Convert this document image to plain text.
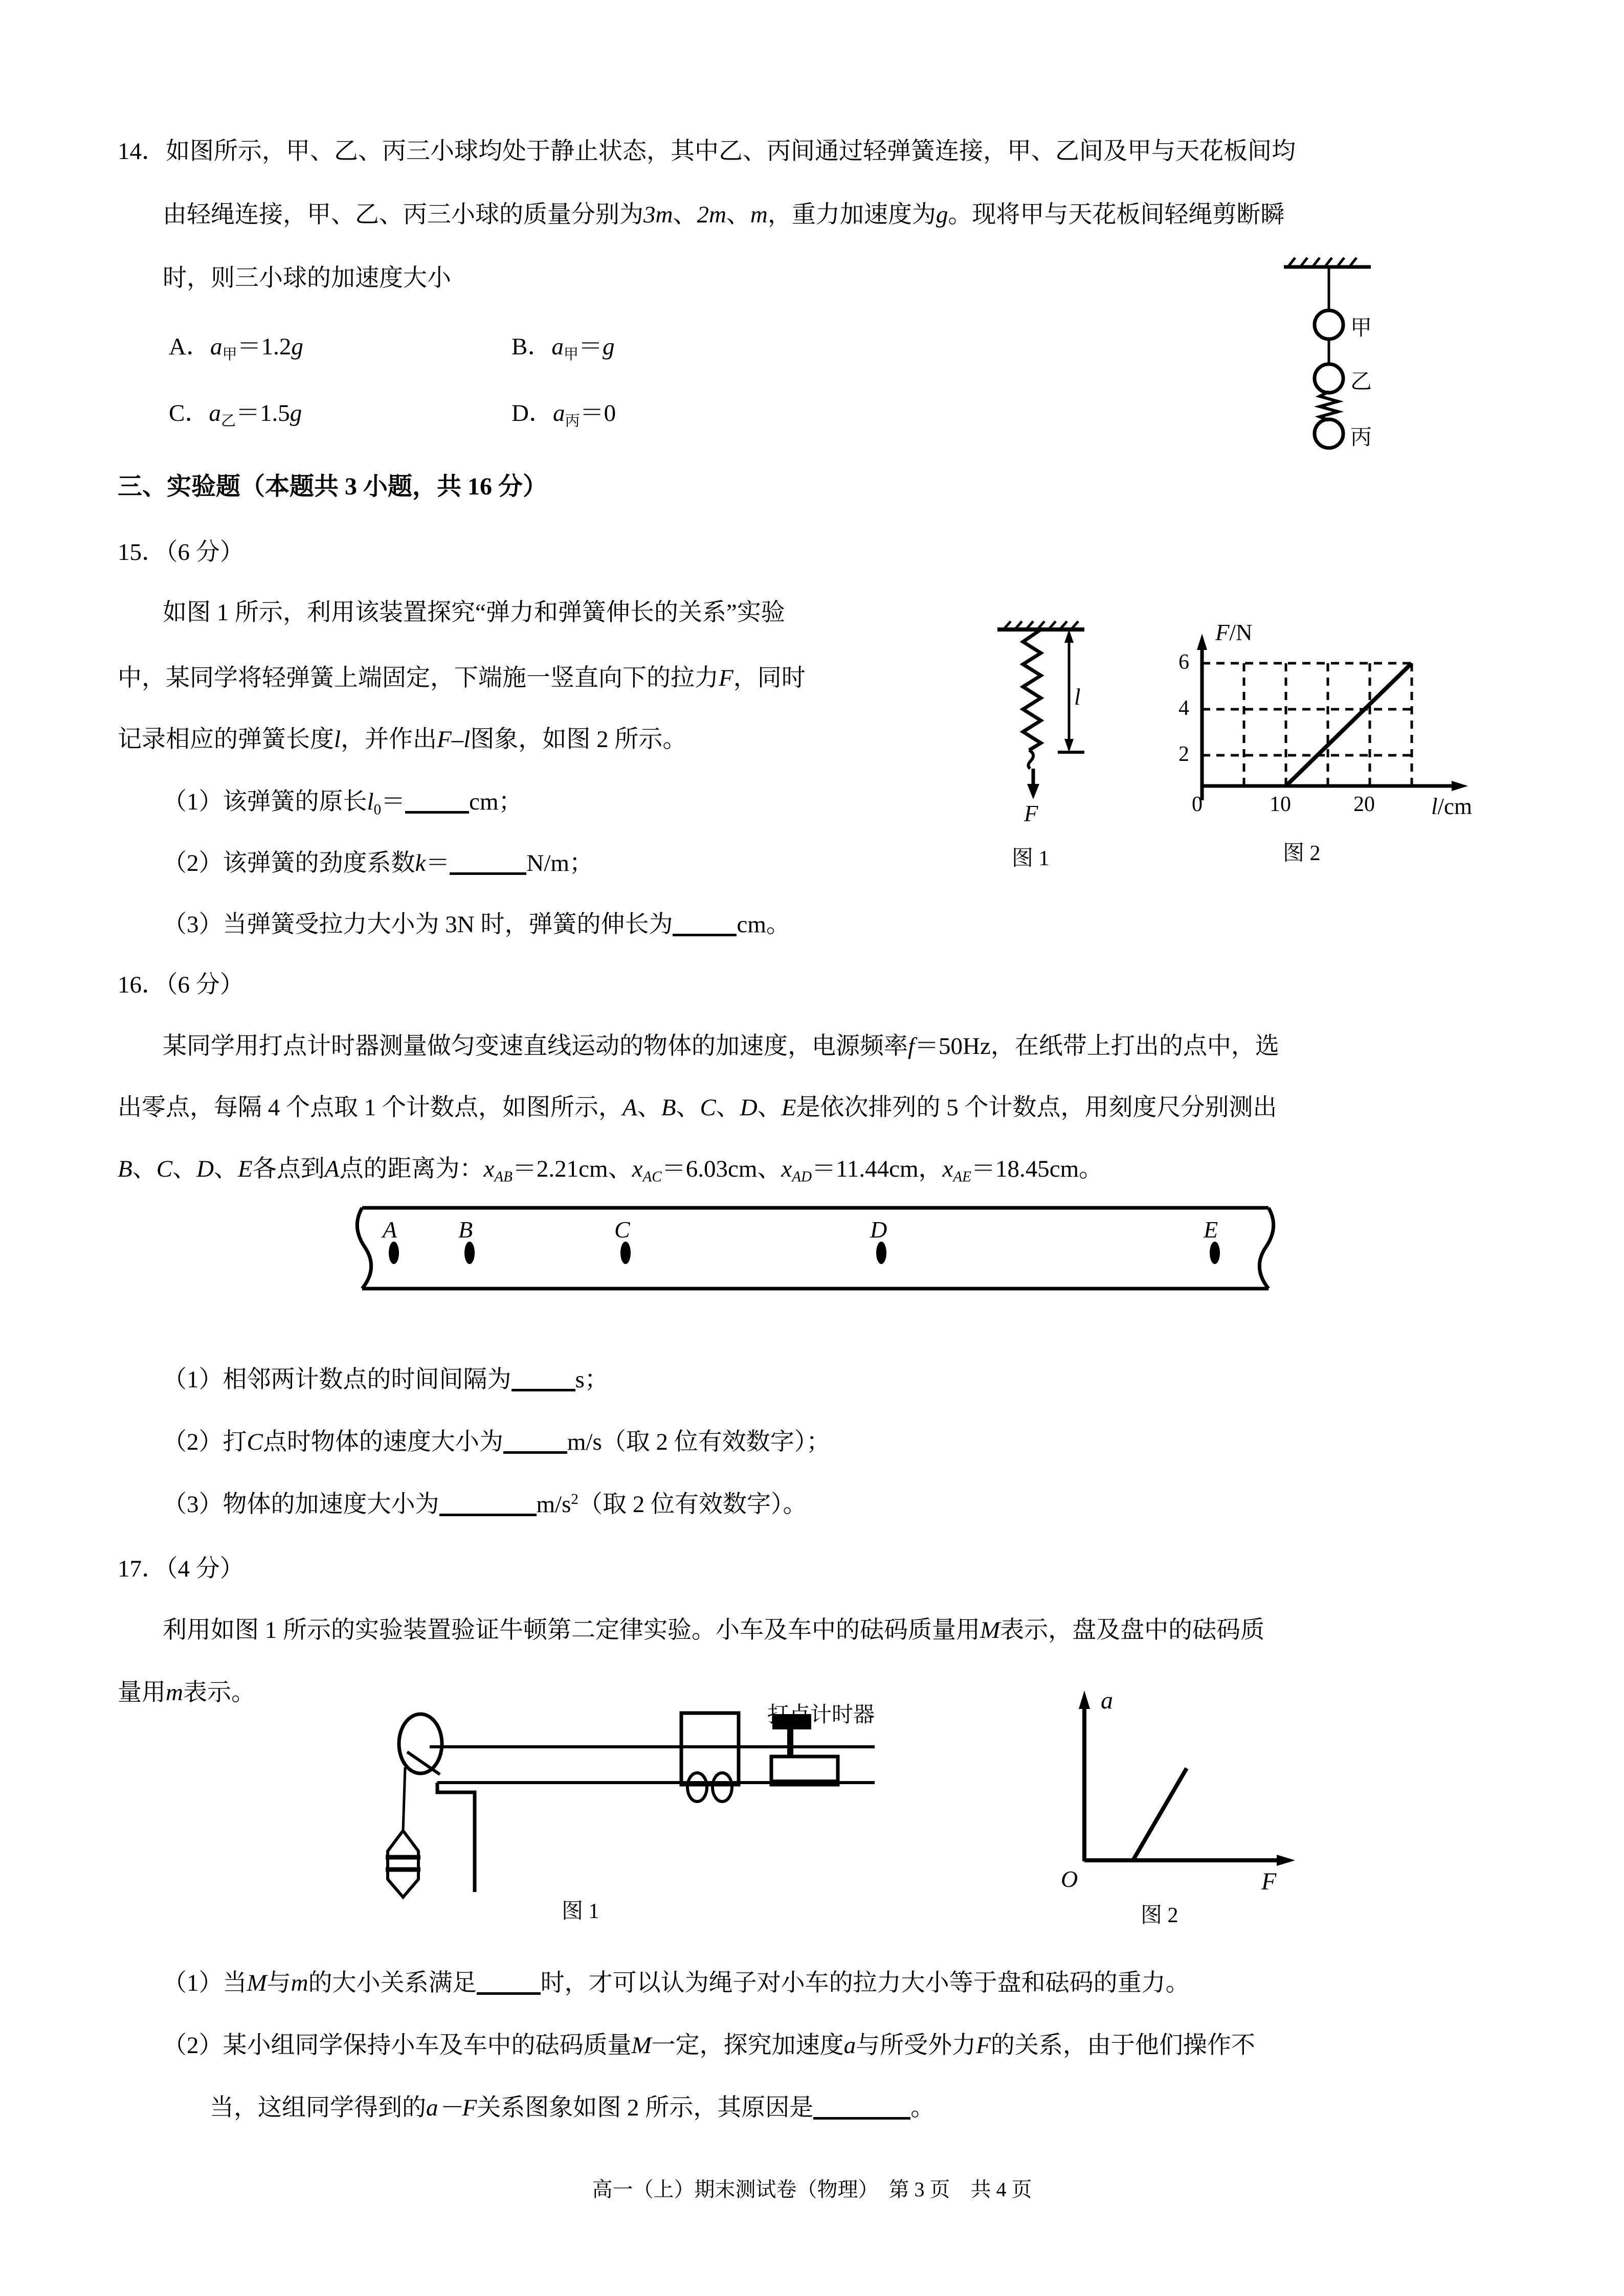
14．如图所示，甲、乙、丙三小球均处于静止状态，其中乙、丙间通过轻弹簧连接，甲、乙间及甲与天花板间均
由轻绳连接，甲、乙、丙三小球的质量分别为3m、2m、m，重力加速度为g。现将甲与天花板间轻绳剪断瞬
时，则三小球的加速度大小
A．$a_甲=1.2g$	B．$a_甲=g$
C．$a_乙=1.5g$	D．$a_丙=0$
甲
乙
丙
三、实验题（本题共 3 小题，共 16 分）
15．（6 分）
如图 1 所示，利用该装置探究“弹力和弹簧伸长的关系”实验
中，某同学将轻弹簧上端固定，下端施一竖直向下的拉力F，同时
记录相应的弹簧长度l，并作出F–l图象，如图 2 所示。
（1）该弹簧的原长$l_0=$	cm；
（2）该弹簧的劲度系数k＝	N/m；
（3）当弹簧受拉力大小为 3N 时，弹簧的伸长为	cm。
l
F
图 1
F/N
l/cm
6
4
2
0	10	20
图 2
16．（6 分）
某同学用打点计时器测量做匀变速直线运动的物体的加速度，电源频率f＝50Hz，在纸带上打出的点中，选
出零点，每隔 4 个点取 1 个计数点，如图所示，A、B、C、D、E是依次排列的 5 个计数点，用刻度尺分别测出
B、C、D、E各点到A点的距离为：$x_{AB}=2.21cm$、$x_{AC}=6.03cm$、$x_{AD}=11.44cm$，$x_{AE}=18.45cm$。
A	B	C	D	E
（1）相邻两计数点的时间间隔为	s；
（2）打C点时物体的速度大小为	m/s（取 2 位有效数字）；
（3）物体的加速度大小为	$m/s^2$（取 2 位有效数字）。
17．（4 分）
利用如图 1 所示的实验装置验证牛顿第二定律实验。小车及车中的砝码质量用M表示，盘及盘中的砝码质
量用m表示。
打点计时器
图 1
a
F
O
图 2
（1）当M与m的大小关系满足	时，才可以认为绳子对小车的拉力大小等于盘和砝码的重力。
（2）某小组同学保持小车及车中的砝码质量M一定，探究加速度a与所受外力F的关系，由于他们操作不
当，这组同学得到的a－F关系图象如图 2 所示，其原因是	。
高一（上）期末测试卷（物理）　第 3 页　共 4 页
